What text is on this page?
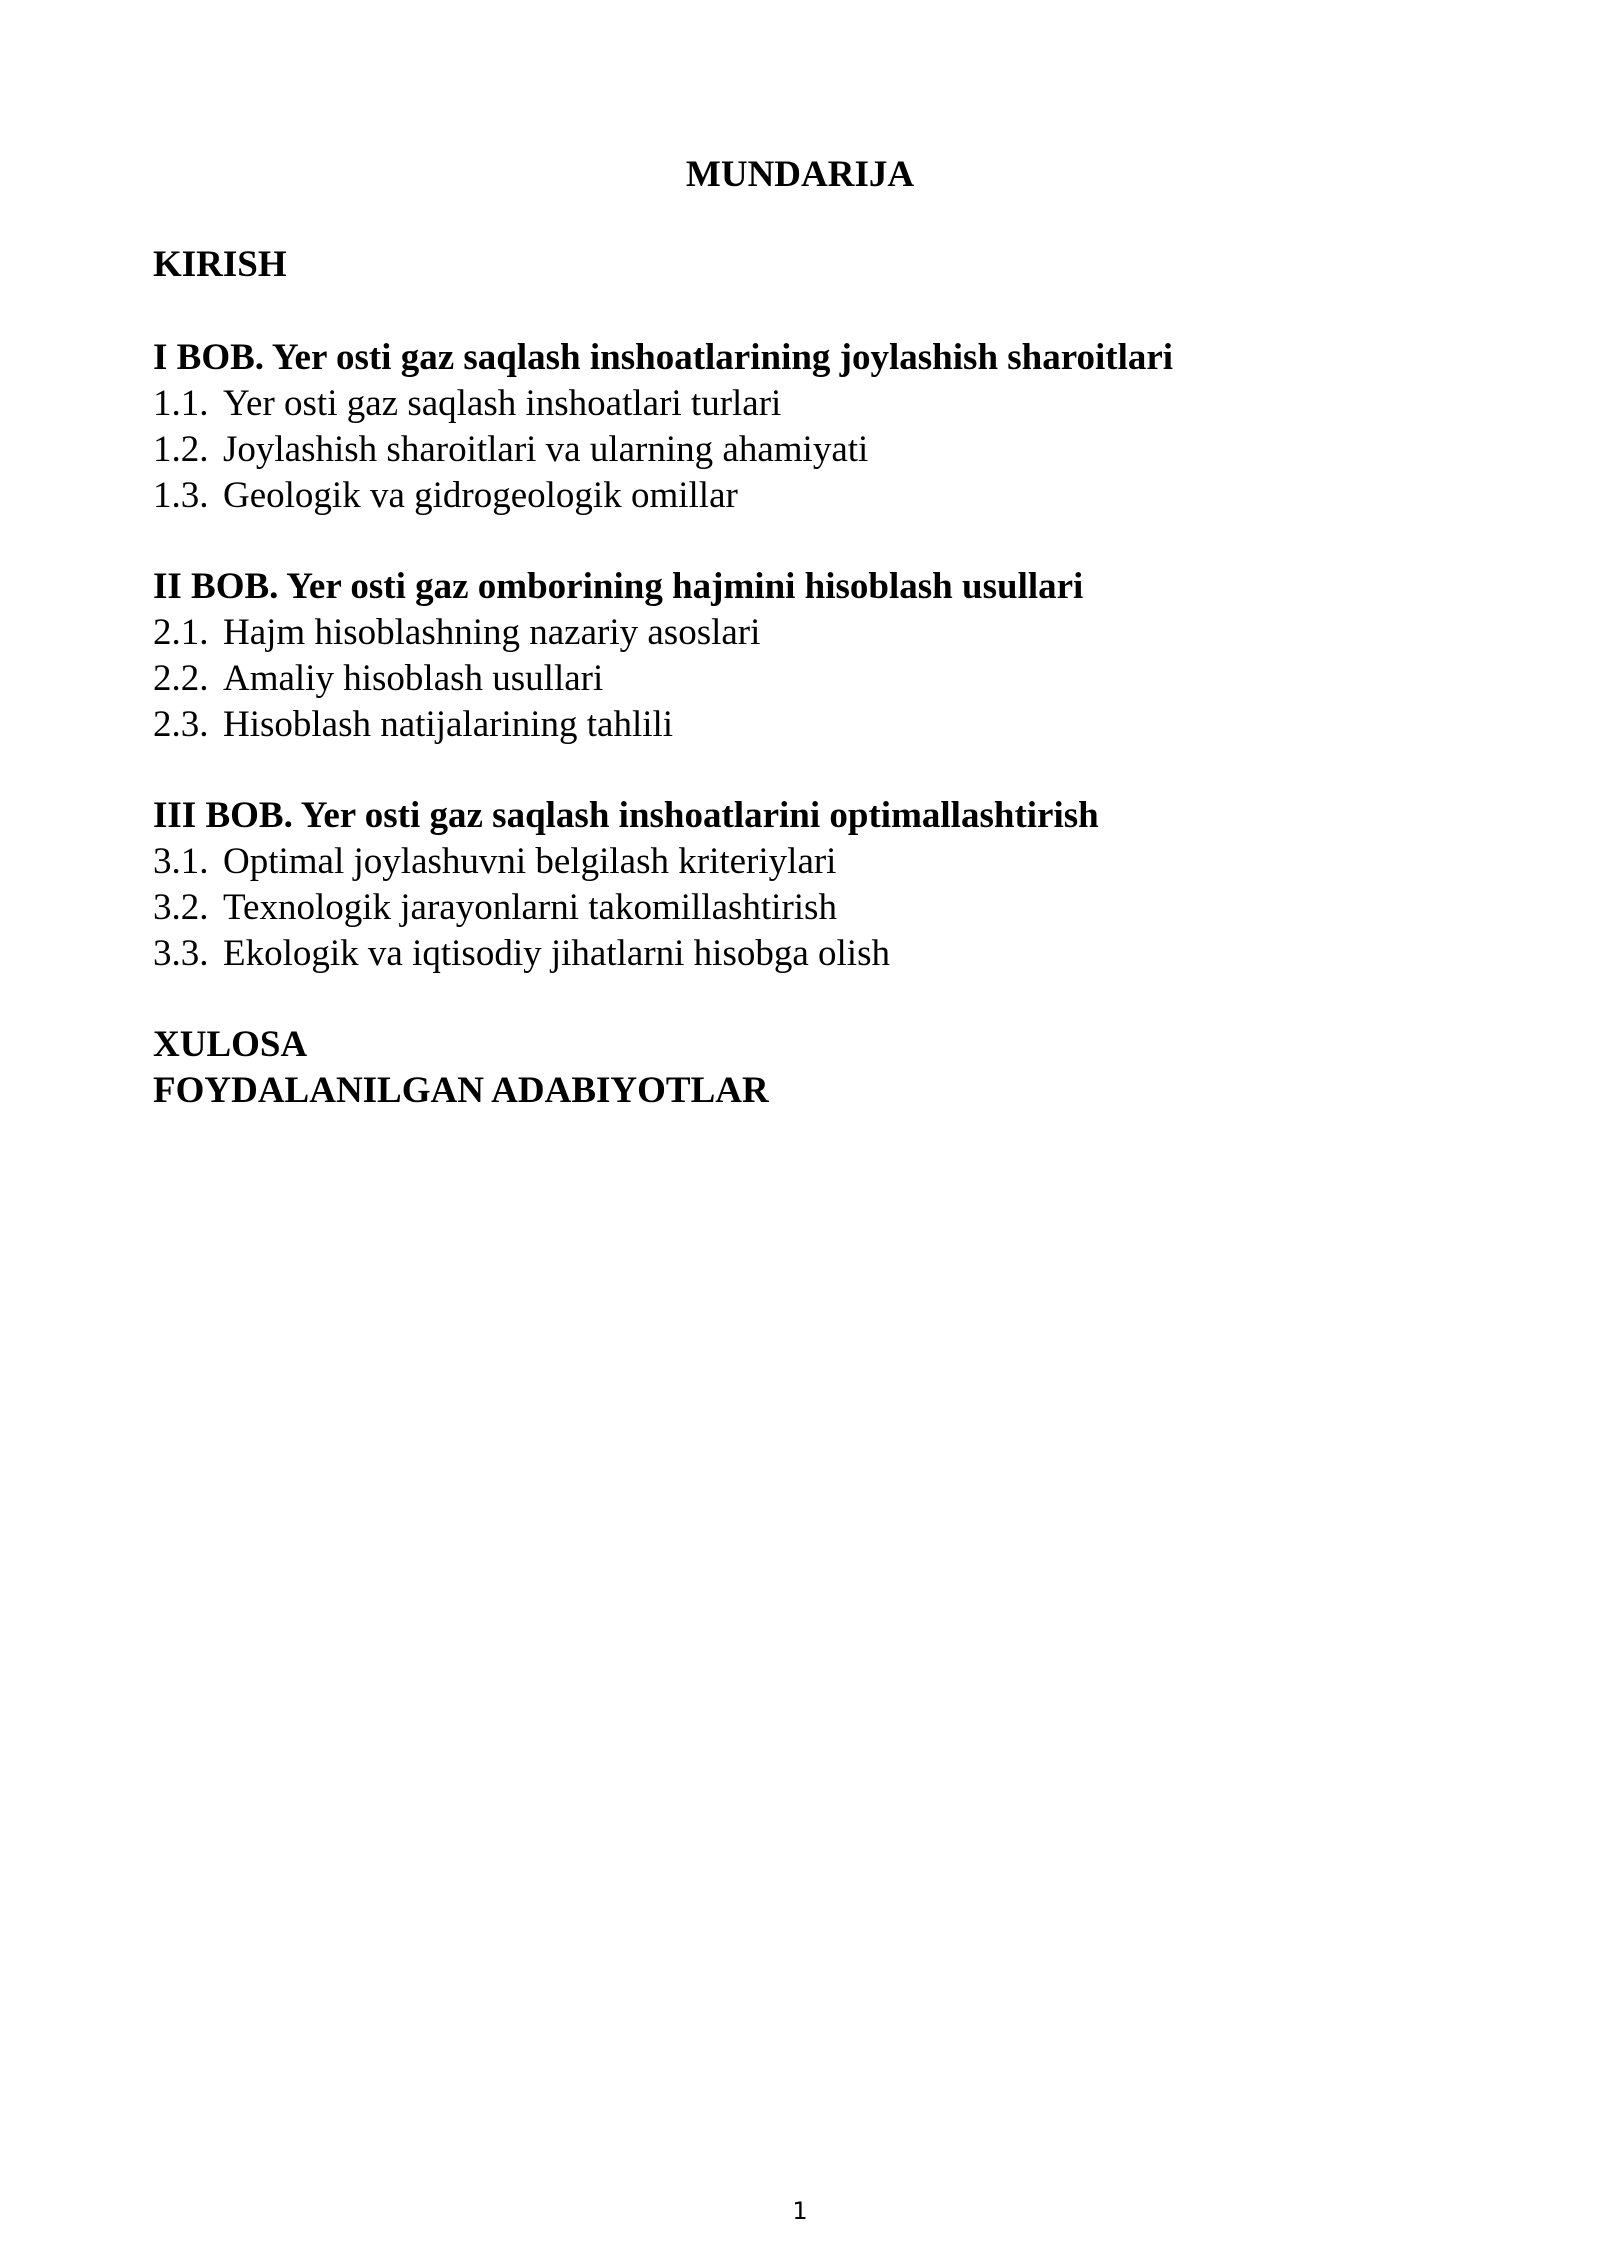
MUNDARIJA
KIRISH
I BOB. Yer osti gaz saqlash inshoatlarining joylashish sharoitlari
1.1. Yer osti gaz saqlash inshoatlari turlari
1.2. Joylashish sharoitlari va ularning ahamiyati
1.3. Geologik va gidrogeologik omillar
II BOB. Yer osti gaz omborining hajmini hisoblash usullari
2.1. Hajm hisoblashning nazariy asoslari
2.2. Amaliy hisoblash usullari
2.3. Hisoblash natijalarining tahlili
III BOB. Yer osti gaz saqlash inshoatlarini optimallashtirish
3.1. Optimal joylashuvni belgilash kriteriylari
3.2. Texnologik jarayonlarni takomillashtirish
3.3. Ekologik va iqtisodiy jihatlarni hisobga olish
XULOSA
FOYDALANILGAN ADABIYOTLAR
1
